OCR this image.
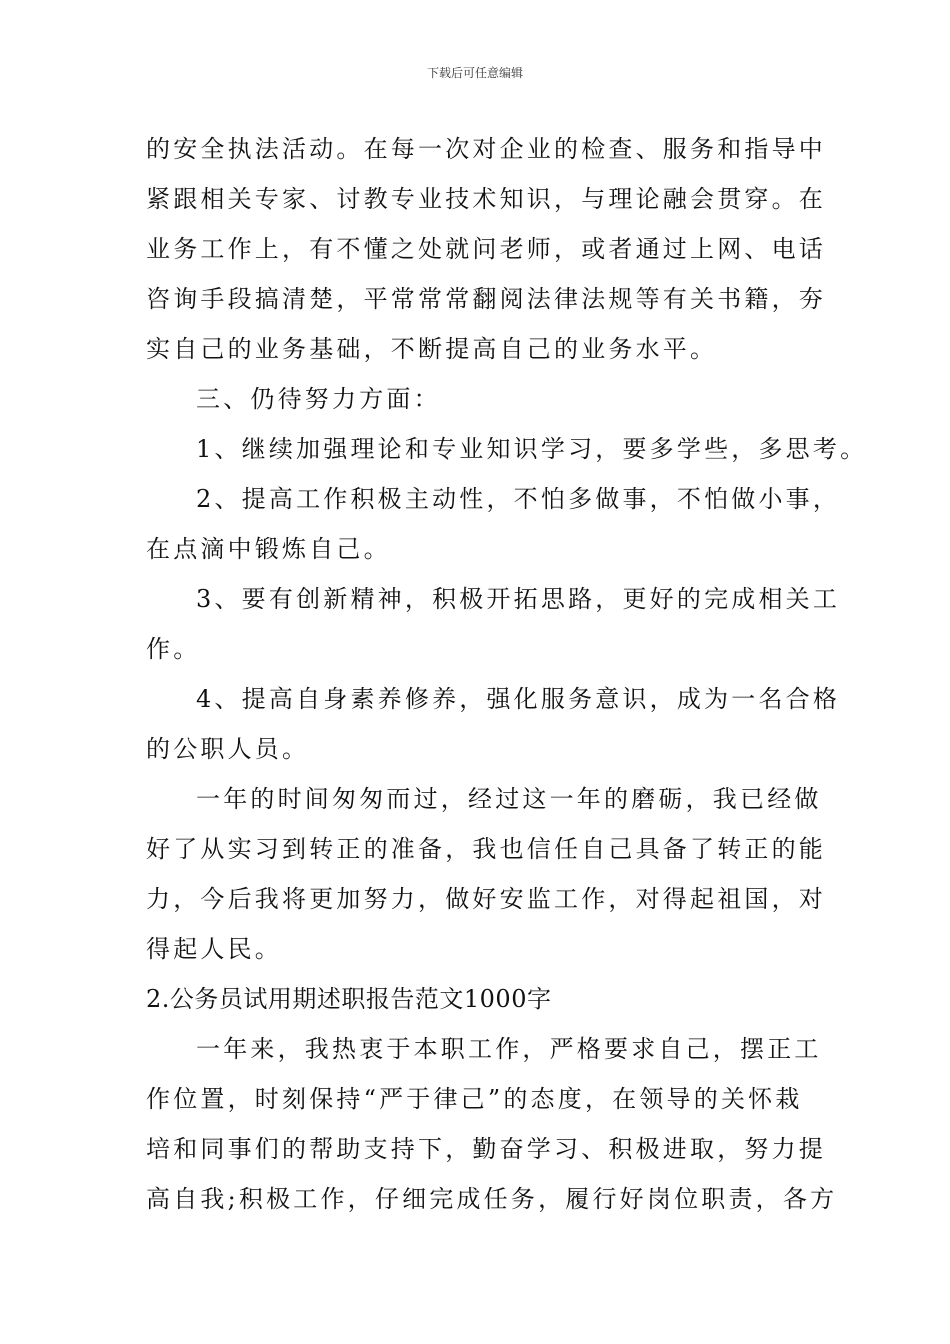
下载后可任意编辑
的安全执法活动。在每一次对企业的检查、服务和指导中
紧跟相关专家、讨教专业技术知识，与理论融会贯穿。在
业务工作上，有不懂之处就问老师，或者通过上网、电话
咨询手段搞清楚，平常常常翻阅法律法规等有关书籍，夯
实自己的业务基础，不断提高自己的业务水平。
三、仍待努力方面：
1、继续加强理论和专业知识学习，要多学些，多思考。
2、提高工作积极主动性，不怕多做事，不怕做小事，
在点滴中锻炼自己。
3、要有创新精神，积极开拓思路，更好的完成相关工
作。
4、提高自身素养修养，强化服务意识，成为一名合格
的公职人员。
一年的时间匆匆而过，经过这一年的磨砺，我已经做
好了从实习到转正的准备，我也信任自己具备了转正的能
力，今后我将更加努力，做好安监工作，对得起祖国，对
得起人民。
2.公务员试用期述职报告范文1000字
一年来，我热衷于本职工作，严格要求自己，摆正工
作位置，时刻保持“严于律己”的态度，在领导的关怀栽
培和同事们的帮助支持下，勤奋学习、积极进取，努力提
高自我;积极工作，仔细完成任务，履行好岗位职责，各方
